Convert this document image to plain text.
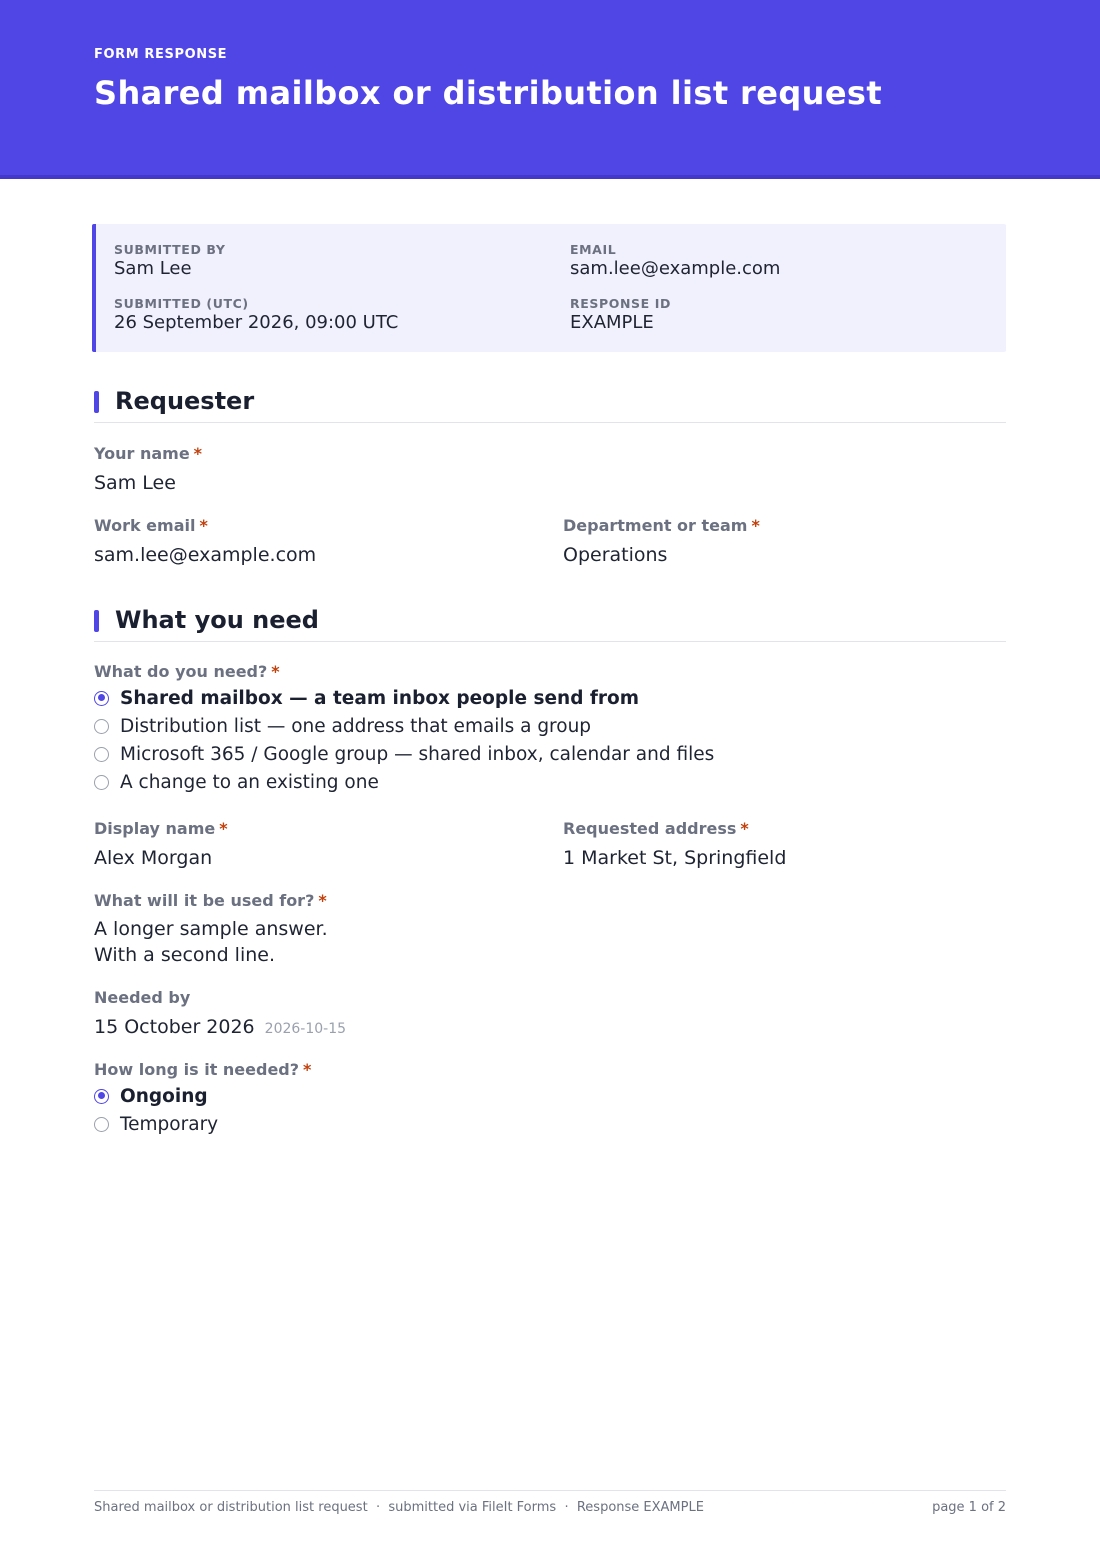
FORM RESPONSE
Shared mailbox or distribution list request
SUBMITTED BY
Sam Lee
EMAIL
sam.lee@example.com
SUBMITTED (UTC)
26 September 2026, 09:00 UTC
RESPONSE ID
EXAMPLE
Requester
Your name *
Sam Lee
Work email *
sam.lee@example.com
Department or team *
Operations
What you need
What do you need? *
Shared mailbox — a team inbox people send from
Distribution list — one address that emails a group
Microsoft 365 / Google group — shared inbox, calendar and files
A change to an existing one
Display name *
Alex Morgan
Requested address *
1 Market St, Springfield
What will it be used for? *
A longer sample answer.
With a second line.
Needed by
15 October 2026 2026-10-15
How long is it needed? *
Ongoing
Temporary
Shared mailbox or distribution list request  ·  submitted via FileIt Forms  ·  Response EXAMPLE	page 1 of 2
